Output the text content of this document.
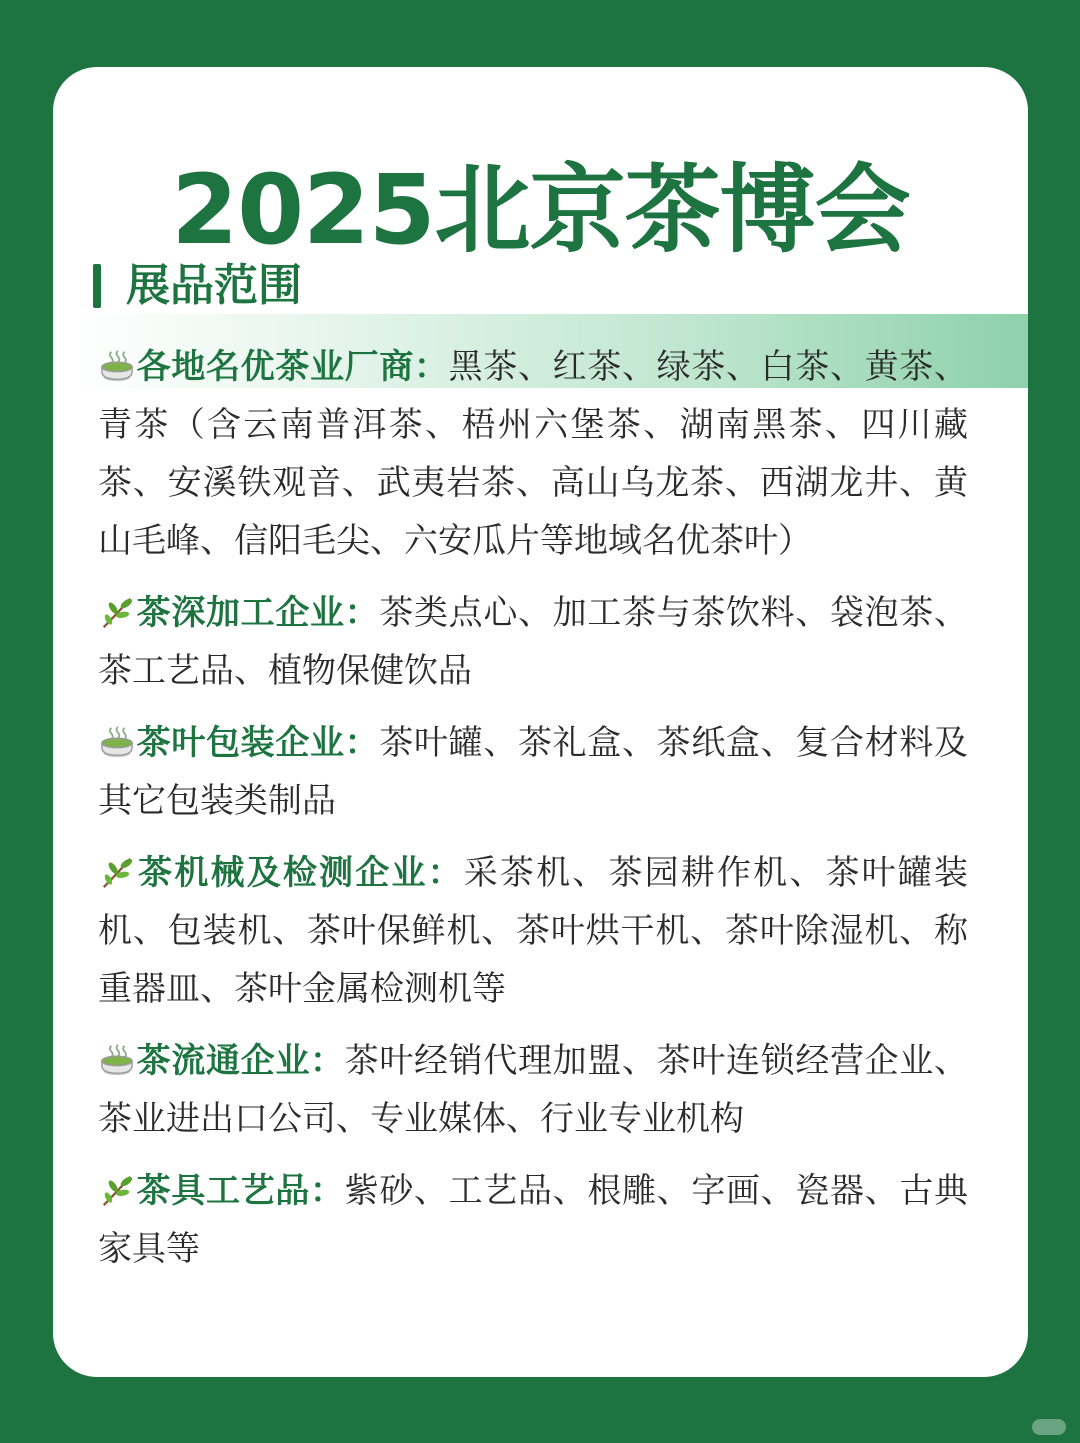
2025北京茶博会
展品范围
各地名优茶业厂商：黑茶、红茶、绿茶、白茶、黄茶、青茶（含云南普洱茶、梧州六堡茶、湖南黑茶、四川藏茶、安溪铁观音、武夷岩茶、高山乌龙茶、西湖龙井、黄山毛峰、信阳毛尖、六安瓜片等地域名优茶叶）
茶深加工企业：茶类点心、加工茶与茶饮料、袋泡茶、茶工艺品、植物保健饮品
茶叶包装企业：茶叶罐、茶礼盒、茶纸盒、复合材料及其它包装类制品
茶机械及检测企业：采茶机、茶园耕作机、茶叶罐装机、包装机、茶叶保鲜机、茶叶烘干机、茶叶除湿机、称重器皿、茶叶金属检测机等
茶流通企业：茶叶经销代理加盟、茶叶连锁经营企业、茶业进出口公司、专业媒体、行业专业机构
茶具工艺品：紫砂、工艺品、根雕、字画、瓷器、古典家具等
